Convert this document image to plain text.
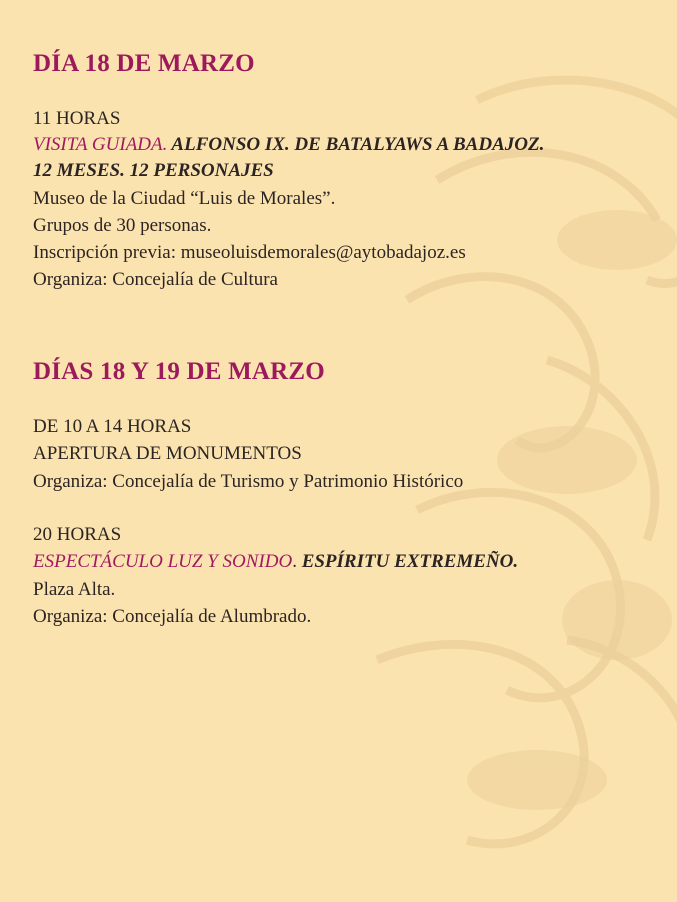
DÍA 18 DE MARZO
11 HORAS
VISITA GUIADA. ALFONSO IX. DE BATALYAWS A BADAJOZ.
12 MESES. 12 PERSONAJES
Museo de la Ciudad “Luis de Morales”.
Grupos de 30 personas.
Inscripción previa: museoluisdemorales@aytobadajoz.es
Organiza: Concejalía de Cultura
DÍAS 18 Y 19 DE MARZO
DE 10 A 14 HORAS
APERTURA DE MONUMENTOS
Organiza: Concejalía de Turismo y Patrimonio Histórico
20 HORAS
ESPECTÁCULO LUZ Y SONIDO. ESPÍRITU EXTREMEÑO.
Plaza Alta.
Organiza: Concejalía de Alumbrado.
